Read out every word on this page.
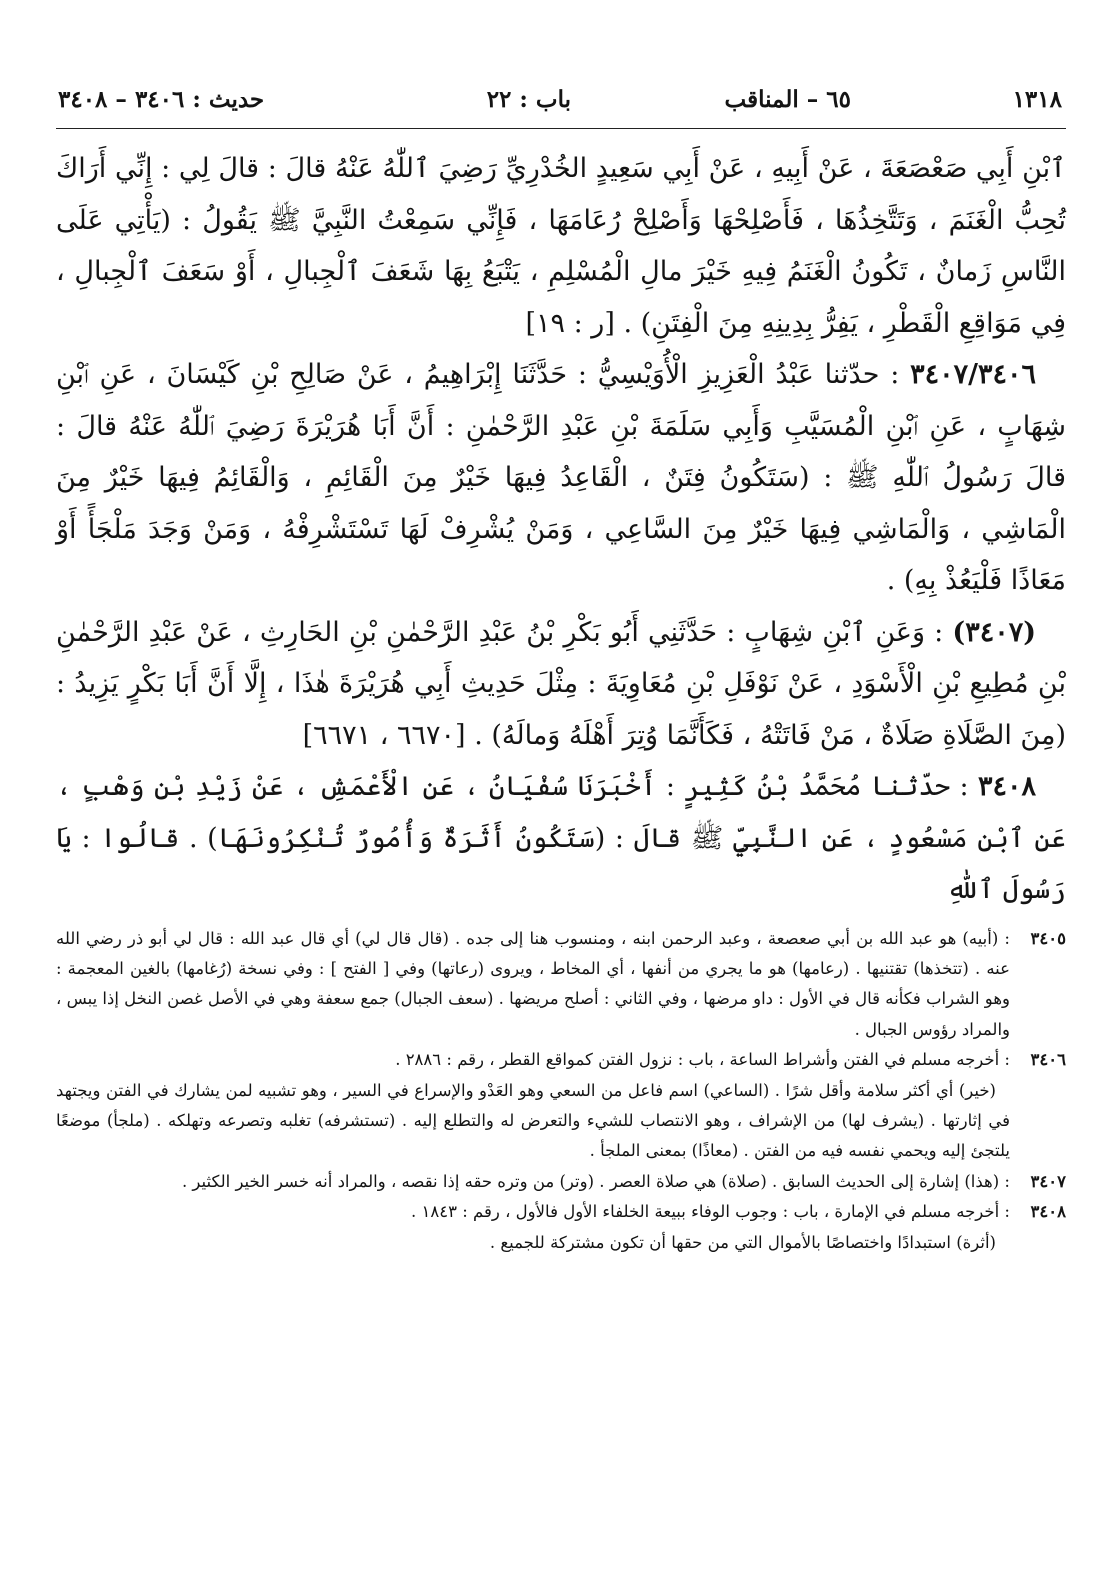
١٣١٨
٦٥ – المناقب
باب : ٢٢
حديث : ٣٤٠٦ – ٣٤٠٨

ٱبْنِ أَبِي صَعْصَعَةَ ، عَنْ أَبِيهِ ، عَنْ أَبِي سَعِيدٍ الخُدْرِيِّ رَضِيَ ٱللّٰهُ عَنْهُ قالَ : قالَ لِي : إِنِّي أَرَاكَ تُحِبُّ الْغَنَمَ ، وَتَتَّخِذُهَا ، فَأَصْلِحْهَا وَأَصْلِحْ رُعَامَهَا ، فَإِنِّي سَمِعْتُ النَّبِيَّ ﷺ يَقُولُ : (يَأْتِي عَلَى النَّاسِ زَمانٌ ، تَكُونُ الْغَنَمُ فِيهِ خَيْرَ مالِ الْمُسْلِمِ ، يَتْبَعُ بِهَا شَعَفَ ٱلْجِبالِ ، أَوْ سَعَفَ ٱلْجِبالِ ، فِي مَوَاقِعِ الْقَطْرِ ، يَفِرُّ بِدِينِهِ مِنَ الْفِتَنِ) . [ر : ١٩]

٣٤٠٧/٣٤٠٦ : حدّثنا عَبْدُ الْعَزِيزِ الْأُوَيْسِيُّ : حَدَّثَنَا إِبْرَاهِيمُ ، عَنْ صَالِحِ بْنِ كَيْسَانَ ، عَنِ ٱبْنِ شِهَابٍ ، عَنِ ٱبْنِ الْمُسَيَّبِ وَأَبِي سَلَمَةَ بْنِ عَبْدِ الرَّحْمٰنِ : أَنَّ أَبَا هُرَيْرَةَ رَضِيَ ٱللّٰهُ عَنْهُ قالَ : قالَ رَسُولُ ٱللّٰهِ ﷺ : (سَتَكُونُ فِتَنٌ ، الْقَاعِدُ فِيهَا خَيْرٌ مِنَ الْقَائِمِ ، وَالْقَائِمُ فِيهَا خَيْرٌ مِنَ الْمَاشِي ، وَالْمَاشِي فِيهَا خَيْرٌ مِنَ السَّاعِي ، وَمَنْ يُشْرِفْ لَهَا تَسْتَشْرِفْهُ ، وَمَنْ وَجَدَ مَلْجَأً أَوْ مَعَاذًا فَلْيَعُذْ بِهِ) .

(٣٤٠٧) : وَعَنِ ٱبْنِ شِهَابٍ : حَدَّثَنِي أَبُو بَكْرِ بْنُ عَبْدِ الرَّحْمٰنِ بْنِ الحَارِثِ ، عَنْ عَبْدِ الرَّحْمٰنِ بْنِ مُطِيعِ بْنِ الْأَسْوَدِ ، عَنْ نَوْفَلِ بْنِ مُعَاوِيَةَ : مِثْلَ حَدِيثِ أَبِي هُرَيْرَةَ هٰذَا ، إِلَّا أَنَّ أَبَا بَكْرٍ يَزِيدُ : (مِنَ الصَّلَاةِ صَلَاةٌ ، مَنْ فَاتَتْهُ ، فَكَأَنَّمَا وُتِرَ أَهْلَهُ وَمالَهُ) . [٦٦٧٠ ، ٦٦٧١]

٣٤٠٨ : حدّثنا مُحَمَّدُ بْنُ كَثِيرٍ : أَخْبَرَنَا سُفْيَانُ ، عَنِ الْأَعْمَشِ ، عَنْ زَيْدِ بْنِ وَهْبٍ ، عَنِ ٱبْنِ مَسْعُودٍ ، عَنِ النَّبِيِّ ﷺ قالَ : (سَتَكُونُ أَثَرَةٌ وَأُمُورٌ تُنْكِرُونَهَا) . قالُوا : يَا رَسُولَ ٱللّٰهِ

٣٤٠٥

: (أبيه) هو عبد الله بن أبي صعصعة ، وعبد الرحمن ابنه ، ومنسوب هنا إلى جده . (قال قال لي) أي قال عبد الله : قال لي أبو ذر رضي الله عنه . (تتخذها) تقتنيها . (رعامها) هو ما يجري من أنفها ، أي المخاط ، ويروى (رعاتها) وفي [ الفتح ] : وفي نسخة (رُغامها) بالغين المعجمة : وهو الشراب فكأنه قال في الأول : داو مرضها ، وفي الثاني : أصلح مريضها . (سعف الجبال) جمع سعفة وهي في الأصل غصن النخل إذا يبس ، والمراد رؤوس الجبال .

٣٤٠٦

: أخرجه مسلم في الفتن وأشراط الساعة ، باب : نزول الفتن كمواقع القطر ، رقم : ٢٨٨٦ .

(خير) أي أكثر سلامة وأقل شرًا . (الساعي) اسم فاعل من السعي وهو العَدْو والإسراع في السير ، وهو تشبيه لمن يشارك في الفتن ويجتهد في إثارتها . (يشرف لها) من الإشراف ، وهو الانتصاب للشيء والتعرض له والتطلع إليه . (تستشرفه) تغلبه وتصرعه وتهلكه . (ملجأ) موضعًا يلتجئ إليه ويحمي نفسه فيه من الفتن . (معاذًا) بمعنى الملجأ .

٣٤٠٧

: (هذا) إشارة إلى الحديث السابق . (صلاة) هي صلاة العصر . (وتر) من وتره حقه إذا نقصه ، والمراد أنه خسر الخير الكثير .

٣٤٠٨

: أخرجه مسلم في الإمارة ، باب : وجوب الوفاء ببيعة الخلفاء الأول فالأول ، رقم : ١٨٤٣ .

(أثرة) استبدادًا واختصاصًا بالأموال التي من حقها أن تكون مشتركة للجميع .
